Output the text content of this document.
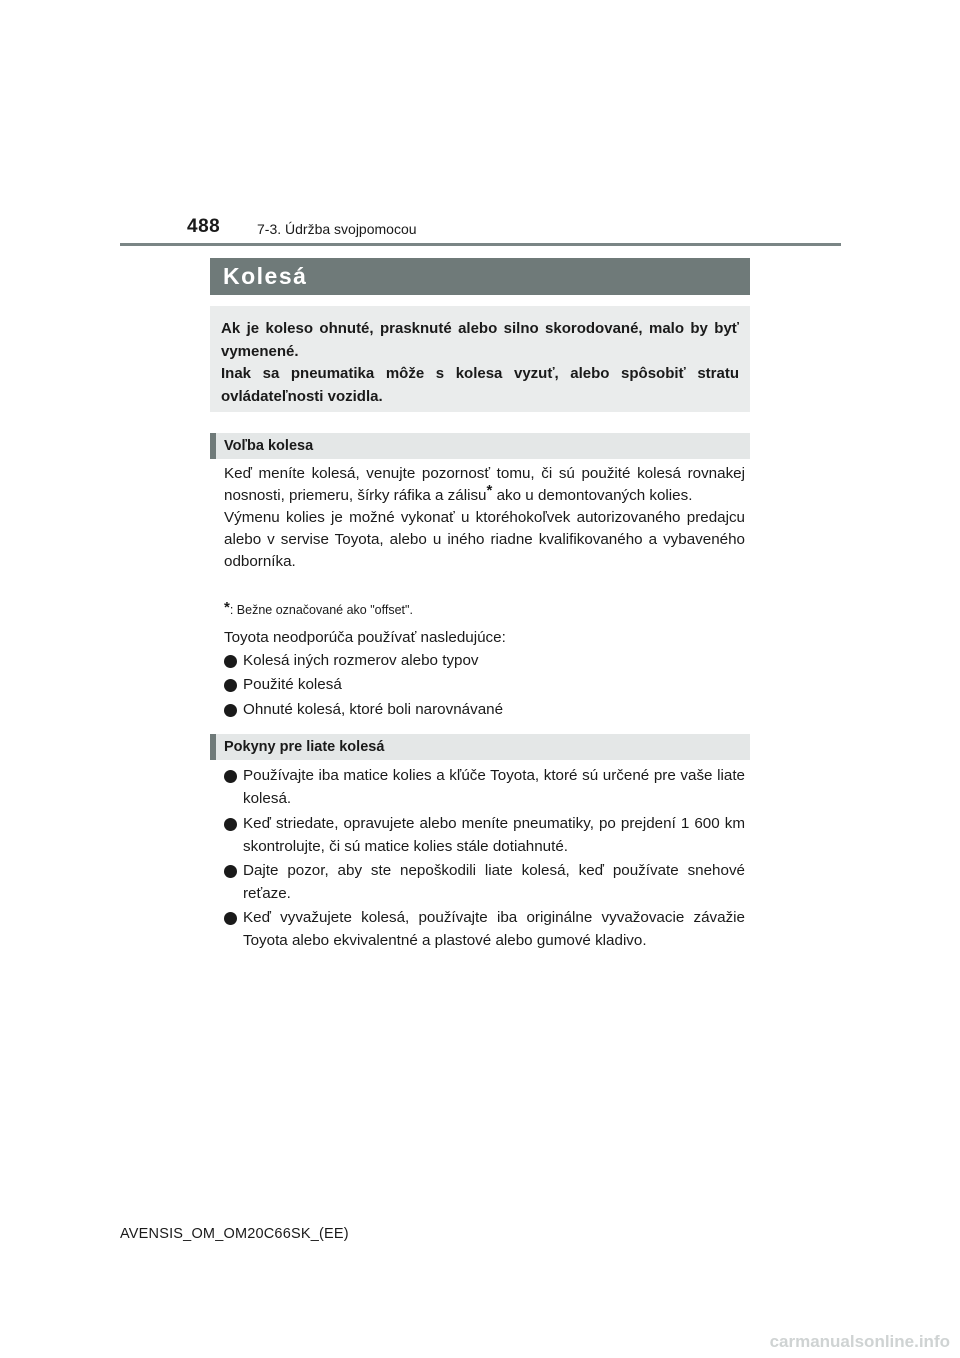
488	7-3. Údržba svojpomocou
Kolesá

Ak je koleso ohnuté, prasknuté alebo silno skorodované, malo by byť vymenené.

Inak sa pneumatika môže s kolesa vyzuť, alebo spôsobiť stratu ovládateľnosti vozidla.

Voľba kolesa

Keď meníte kolesá, venujte pozornosť tomu, či sú použité kolesá rovnakej nosnosti, priemeru, šírky ráfika a zálisu* ako u demontovaných kolies.

Výmenu kolies je možné vykonať u ktoréhokoľvek autorizovaného predajcu alebo v servise Toyota, alebo u iného riadne kvalifikovaného a vybaveného odborníka.

*: Bežne označované ako "offset".
Toyota neodporúča používať nasledujúce:
Kolesá iných rozmerov alebo typov
Použité kolesá
Ohnuté kolesá, ktoré boli narovnávané
Pokyny pre liate kolesá
Používajte iba matice kolies a kľúče Toyota, ktoré sú určené pre vaše liate kolesá.
Keď striedate, opravujete alebo meníte pneumatiky, po prejdení 1 600 km skontrolujte, či sú matice kolies stále dotiahnuté.
Dajte pozor, aby ste nepoškodili liate kolesá, keď používate snehové reťaze.
Keď vyvažujete kolesá, používajte iba originálne vyvažovacie závažie Toyota alebo ekvivalentné a plastové alebo gumové kladivo.
AVENSIS_OM_OM20C66SK_(EE)
carmanualsonline.info
